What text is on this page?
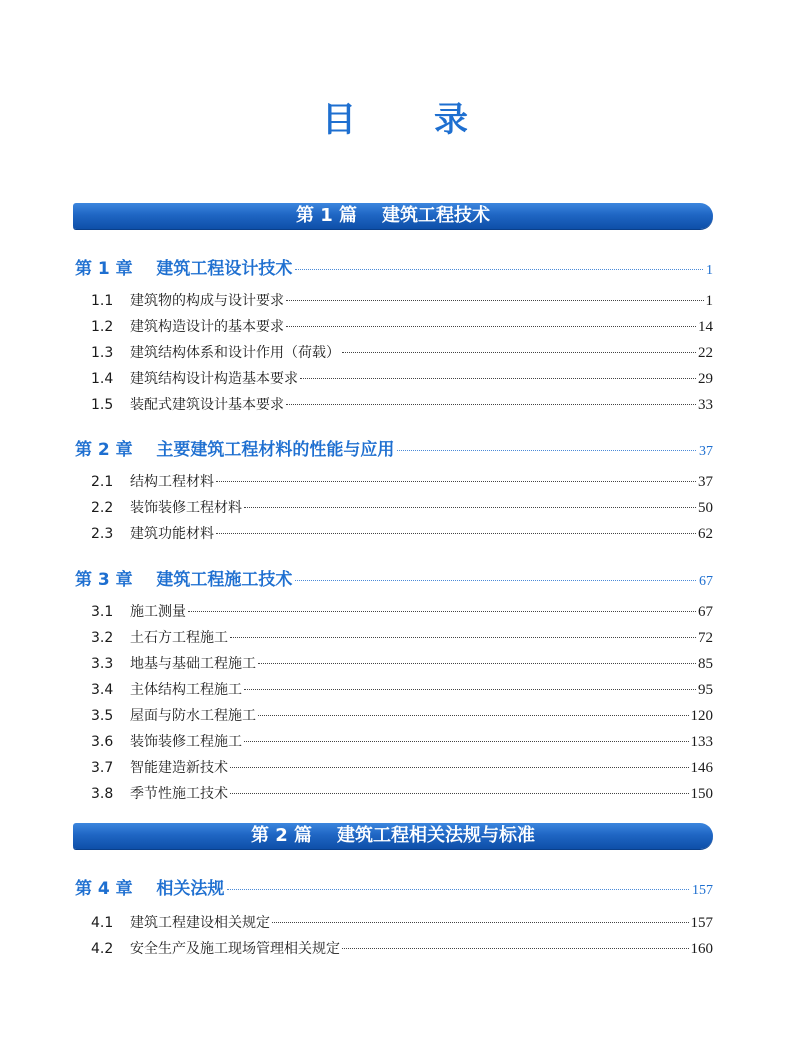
目 录
第 1 篇    建筑工程技术
第 1 章    建筑工程设计技术	1
1.1	建筑物的构成与设计要求	1
1.2	建筑构造设计的基本要求	14
1.3	建筑结构体系和设计作用（荷载）	22
1.4	建筑结构设计构造基本要求	29
1.5	装配式建筑设计基本要求	33
第 2 章    主要建筑工程材料的性能与应用	37
2.1	结构工程材料	37
2.2	装饰装修工程材料	50
2.3	建筑功能材料	62
第 3 章    建筑工程施工技术	67
3.1	施工测量	67
3.2	土石方工程施工	72
3.3	地基与基础工程施工	85
3.4	主体结构工程施工	95
3.5	屋面与防水工程施工	120
3.6	装饰装修工程施工	133
3.7	智能建造新技术	146
3.8	季节性施工技术	150
第 2 篇    建筑工程相关法规与标准
第 4 章    相关法规	157
4.1	建筑工程建设相关规定	157
4.2	安全生产及施工现场管理相关规定	160
